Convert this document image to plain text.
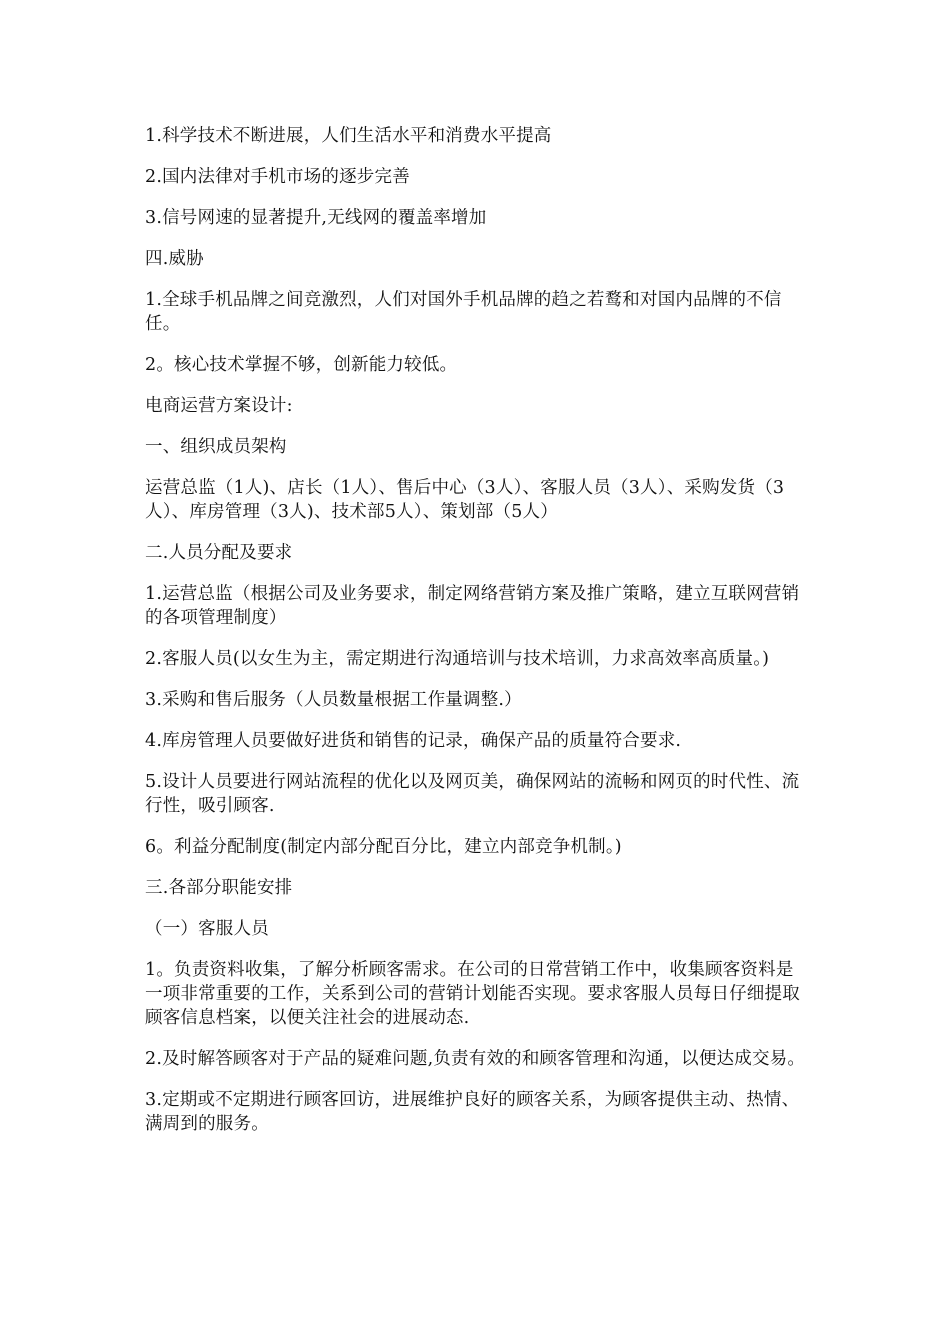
1.科学技术不断进展，人们生活水平和消费水平提高

2.国内法律对手机市场的逐步完善

3.信号网速的显著提升,无线网的覆盖率增加

四.威胁

1.全球手机品牌之间竞激烈，人们对国外手机品牌的趋之若鹜和对国内品牌的不信任。

2。核心技术掌握不够，创新能力较低。

电商运营方案设计:

一、组织成员架构

运营总监（1人)、店长（1人）、售后中心（3人）、客服人员（3人）、采购发货（3人）、库房管理（3人)、技术部5人）、策划部（5人）

二.人员分配及要求

1.运营总监（根据公司及业务要求，制定网络营销方案及推广策略，建立互联网营销的各项管理制度）

2.客服人员(以女生为主，需定期进行沟通培训与技术培训，力求高效率高质量。)

3.采购和售后服务（人员数量根据工作量调整.）

4.库房管理人员要做好进货和销售的记录，确保产品的质量符合要求.

5.设计人员要进行网站流程的优化以及网页美，确保网站的流畅和网页的时代性、流行性，吸引顾客.

6。利益分配制度(制定内部分配百分比，建立内部竞争机制。)

三.各部分职能安排

（一）客服人员

1。负责资料收集，了解分析顾客需求。在公司的日常营销工作中，收集顾客资料是一项非常重要的工作，关系到公司的营销计划能否实现。要求客服人员每日仔细提取顾客信息档案，以便关注社会的进展动态.

2.及时解答顾客对于产品的疑难问题,负责有效的和顾客管理和沟通，以便达成交易。

3.定期或不定期进行顾客回访，进展维护良好的顾客关系，为顾客提供主动、热情、满周到的服务。
